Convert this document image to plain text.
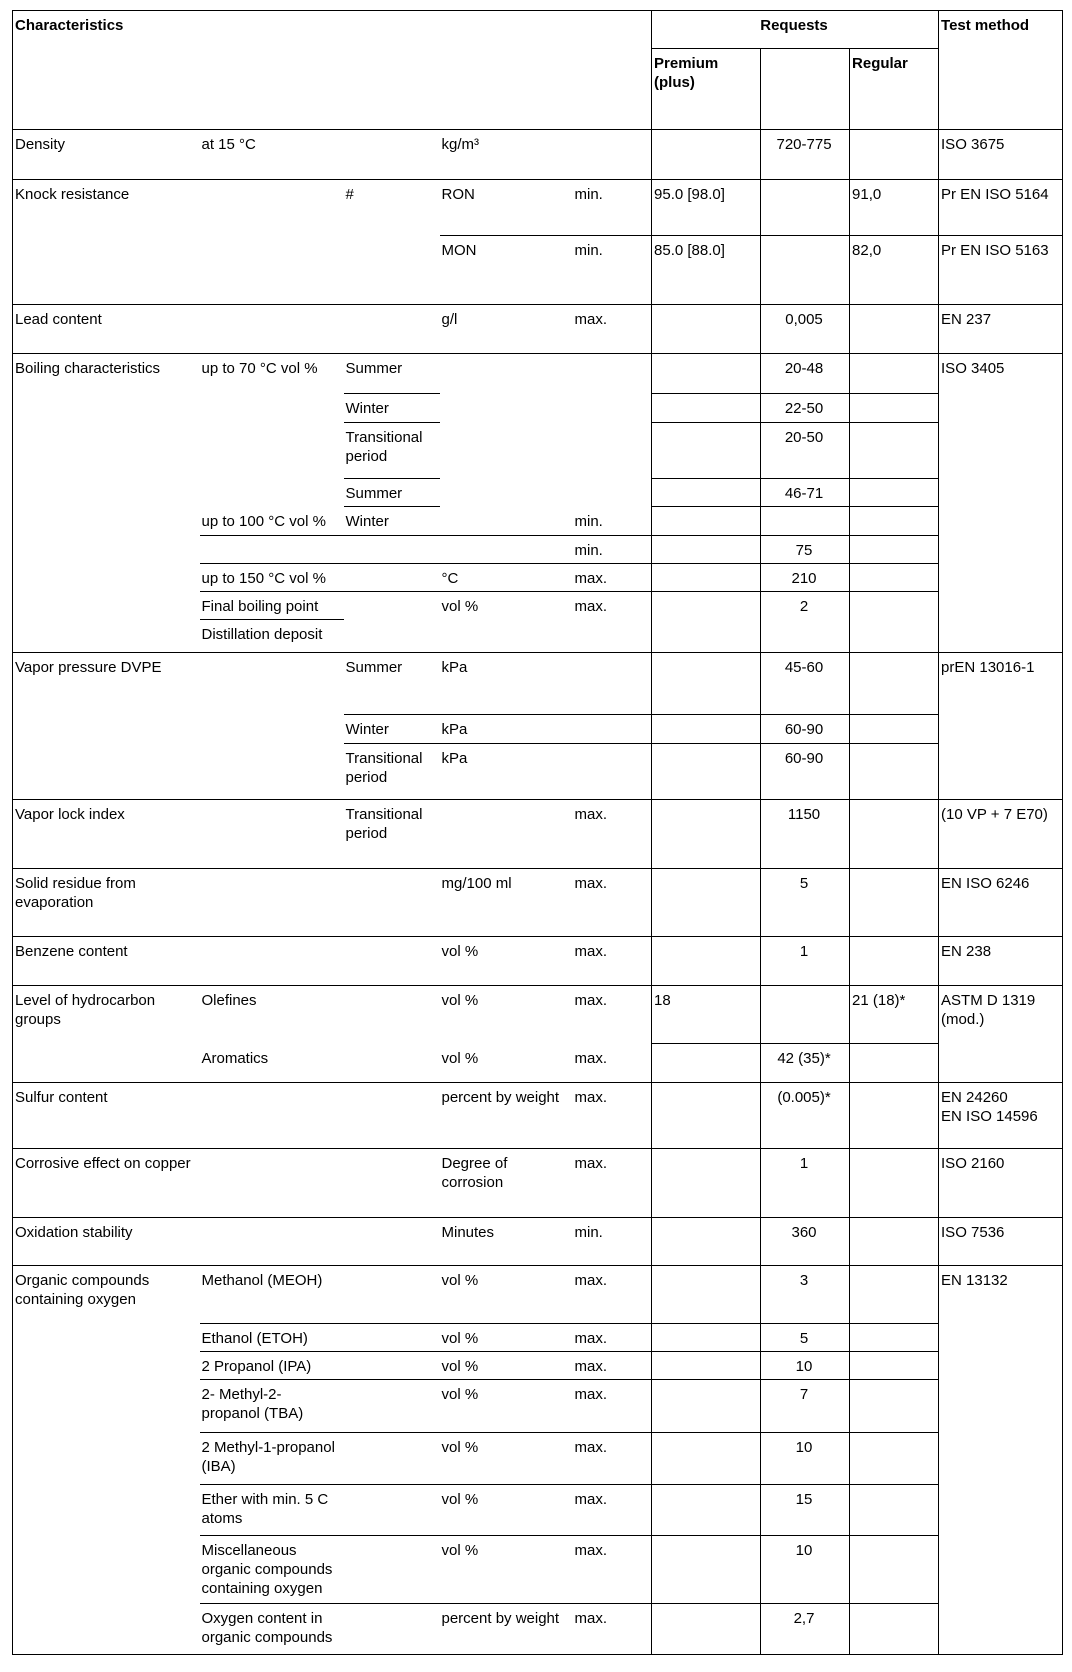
Characteristics					Requests			Test method
					Premium (plus)		Regular	
Density	at 15 °C		kg/m³			720-775		ISO 3675
Knock resistance		#	RON	min.	95.0 [98.0]		91,0	Pr EN ISO 5164
			MON	min.	85.0 [88.0]		82,0	Pr EN ISO 5163
Lead content			g/l	max.		0,005		EN 237
Boiling characteristics	up to 70 °C vol %	Summer				20-48		ISO 3405
		Winter				22-50		
		Transitional period				20-50		
		Summer				46-71		
	up to 100 °C vol %	Winter		min.				
				min.		75		
	up to 150 °C vol %		°C	max.		210		
	Final boiling point		vol %	max.		2		
	Distillation deposit							
Vapor pressure DVPE		Summer	kPa			45-60		prEN 13016-1
		Winter	kPa			60-90		
		Transitional period	kPa			60-90		
Vapor lock index		Transitional period		max.		1150		(10 VP + 7 E70)
Solid residue from evaporation			mg/100 ml	max.		5		EN ISO 6246
Benzene content			vol %	max.		1		EN 238
Level of hydrocarbon groups	Olefines		vol %	max.	18		21 (18)*	ASTM D 1319 (mod.)
	Aromatics		vol %	max.		42 (35)*		
Sulfur content			percent by weight	max.		(0.005)*		EN 24260
EN ISO 14596
Corrosive effect on copper			Degree of corrosion	max.		1		ISO 2160
Oxidation stability			Minutes	min.		360		ISO 7536
Organic compounds containing oxygen	Methanol (MEOH)		vol %	max.		3		EN 13132
	Ethanol (ETOH)		vol %	max.		5		
	2 Propanol (IPA)		vol %	max.		10		
	2- Methyl-2-propanol (TBA)		vol %	max.		7		
	2 Methyl-1-propanol (IBA)		vol %	max.		10		
	Ether with min. 5 C atoms		vol %	max.		15		
	Miscellaneous organic compounds containing oxygen		vol %	max.		10		
	Oxygen content in organic compounds		percent by weight	max.		2,7		
